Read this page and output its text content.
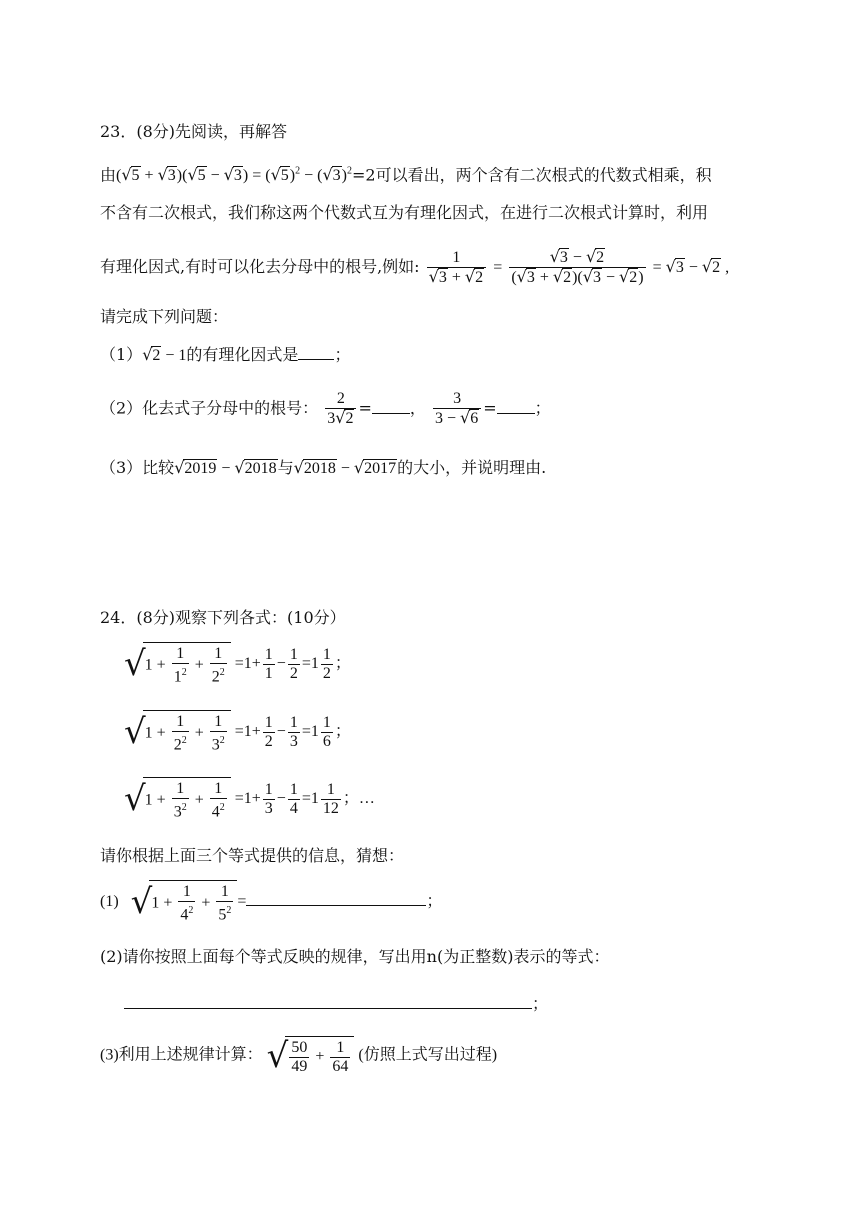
23．(8分)先阅读，再解答
由$(√5 + √3)(√5 - √3) = (√5)^2 - (√3)^2=2$可以看出，两个含有二次根式的代数式相乘，积
不含有二次根式，我们称这两个代数式互为有理化因式，在进行二次根式计算时，利用
有理化因式,有时可以化去分母中的根号,例如: $\frac{1}{√3 + √2} = \frac{√3 - √2}{(√3 + √2)(√3 - √2)} = √3 - √2$ ,
请完成下列问题：
（1）√2 − 1的有理化因式是 ；
（2）化去式子分母中的根号： $\frac{2}{3√2}$ = ， $\frac{3}{3 - √6}$ = ；
（3）比较√2019 − √2018与√2018 − √2017的大小，并说明理由.
24．(8分)观察下列各式：(10分）
$√1 + \frac{1}{1^2} + \frac{1}{2^2} =1+ \frac{1}{1} - \frac{1}{2} =1 \frac{1}{2}$ ；
$√1 + \frac{1}{2^2} + \frac{1}{3^2} =1+ \frac{1}{2} - \frac{1}{3} =1 \frac{1}{6}$ ；
$√1 + \frac{1}{3^2} + \frac{1}{4^2} =1+ \frac{1}{3} - \frac{1}{4} =1 \frac{1}{12}$ ；…
请你根据上面三个等式提供的信息，猜想：
(1) $√1 + \frac{1}{4^2} + \frac{1}{5^2}$ =	；
(2)请你按照上面每个等式反映的规律，写出用n(为正整数)表示的等式：
；
(3)利用上述规律计算： √ $\frac{50}{49} + \frac{1}{64}$ (仿照上式写出过程)
